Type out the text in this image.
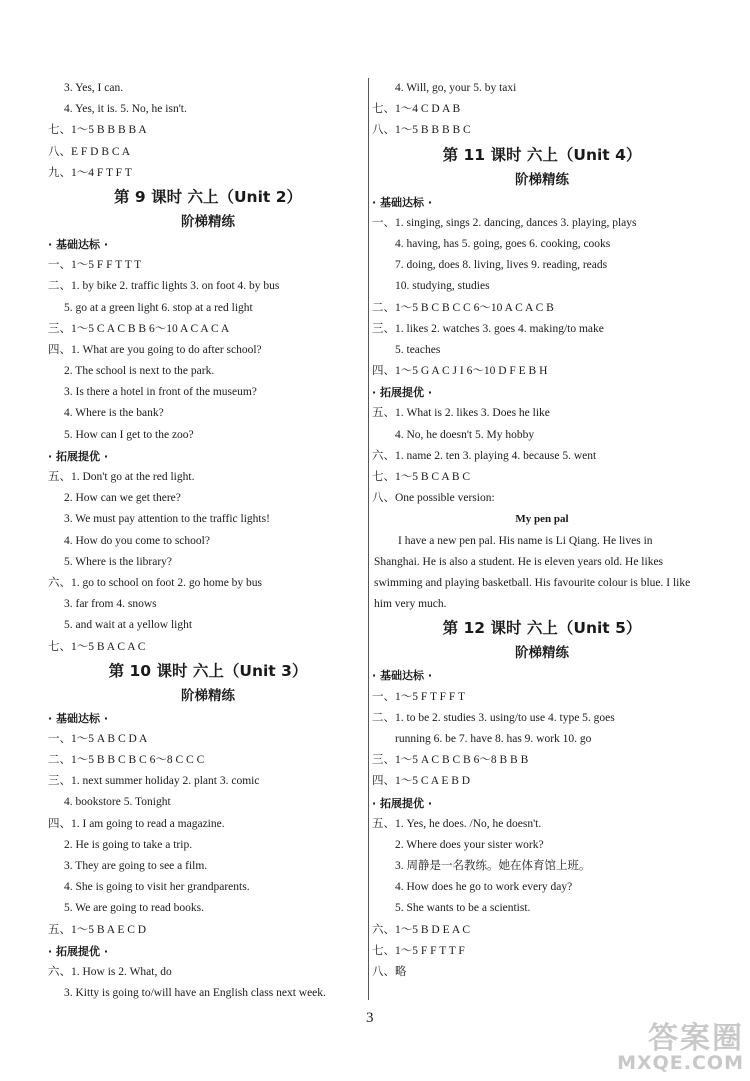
3. Yes, I can.
4. Yes, it is. 5. No, he isn't.
七、1～5 B B B B A
八、E F D B C A
九、1～4 F T F T
第 9 课时 六上（Unit 2）
阶梯精练
· 基础达标 ·
一、1～5 F F T T T
二、1. by bike 2. traffic lights 3. on foot 4. by bus
5. go at a green light 6. stop at a red light
三、1～5 C A C B B 6～10 A C A C A
四、1. What are you going to do after school?
2. The school is next to the park.
3. Is there a hotel in front of the museum?
4. Where is the bank?
5. How can I get to the zoo?
· 拓展提优 ·
五、1. Don't go at the red light.
2. How can we get there?
3. We must pay attention to the traffic lights!
4. How do you come to school?
5. Where is the library?
六、1. go to school on foot 2. go home by bus
3. far from 4. snows
5. and wait at a yellow light
七、1～5 B A C A C
第 10 课时 六上（Unit 3）
阶梯精练
· 基础达标 ·
一、1～5 A B C D A
二、1～5 B B C B C 6～8 C C C
三、1. next summer holiday 2. plant 3. comic
4. bookstore 5. Tonight
四、1. I am going to read a magazine.
2. He is going to take a trip.
3. They are going to see a film.
4. She is going to visit her grandparents.
5. We are going to read books.
五、1～5 B A E C D
· 拓展提优 ·
六、1. How is 2. What, do
3. Kitty is going to/will have an English class next week.
4. Will, go, your 5. by taxi
七、1～4 C D A B
八、1～5 B B B B C
第 11 课时 六上（Unit 4）
阶梯精练
· 基础达标 ·
一、1. singing, sings 2. dancing, dances 3. playing, plays
4. having, has 5. going, goes 6. cooking, cooks
7. doing, does 8. living, lives 9. reading, reads
10. studying, studies
二、1～5 B C B C C 6～10 A C A C B
三、1. likes 2. watches 3. goes 4. making/to make
5. teaches
四、1～5 G A C J I 6～10 D F E B H
· 拓展提优 ·
五、1. What is 2. likes 3. Does he like
4. No, he doesn't 5. My hobby
六、1. name 2. ten 3. playing 4. because 5. went
七、1～5 B C A B C
八、One possible version:
My pen pal
I have a new pen pal. His name is Li Qiang. He lives in Shanghai. He is also a student. He is eleven years old. He likes swimming and playing basketball. His favourite colour is blue. I like him very much.
第 12 课时 六上（Unit 5）
阶梯精练
· 基础达标 ·
一、1～5 F T F F T
二、1. to be 2. studies 3. using/to use 4. type 5. goes
running 6. be 7. have 8. has 9. work 10. go
三、1～5 A C B C B 6～8 B B B
四、1～5 C A E B D
· 拓展提优 ·
五、1. Yes, he does. /No, he doesn't.
2. Where does your sister work?
3. 周静是一名教练。她在体育馆上班。
4. How does he go to work every day?
5. She wants to be a scientist.
六、1～5 B D E A C
七、1～5 F F T T F
八、略
3
答案圈
MXQE.COM
